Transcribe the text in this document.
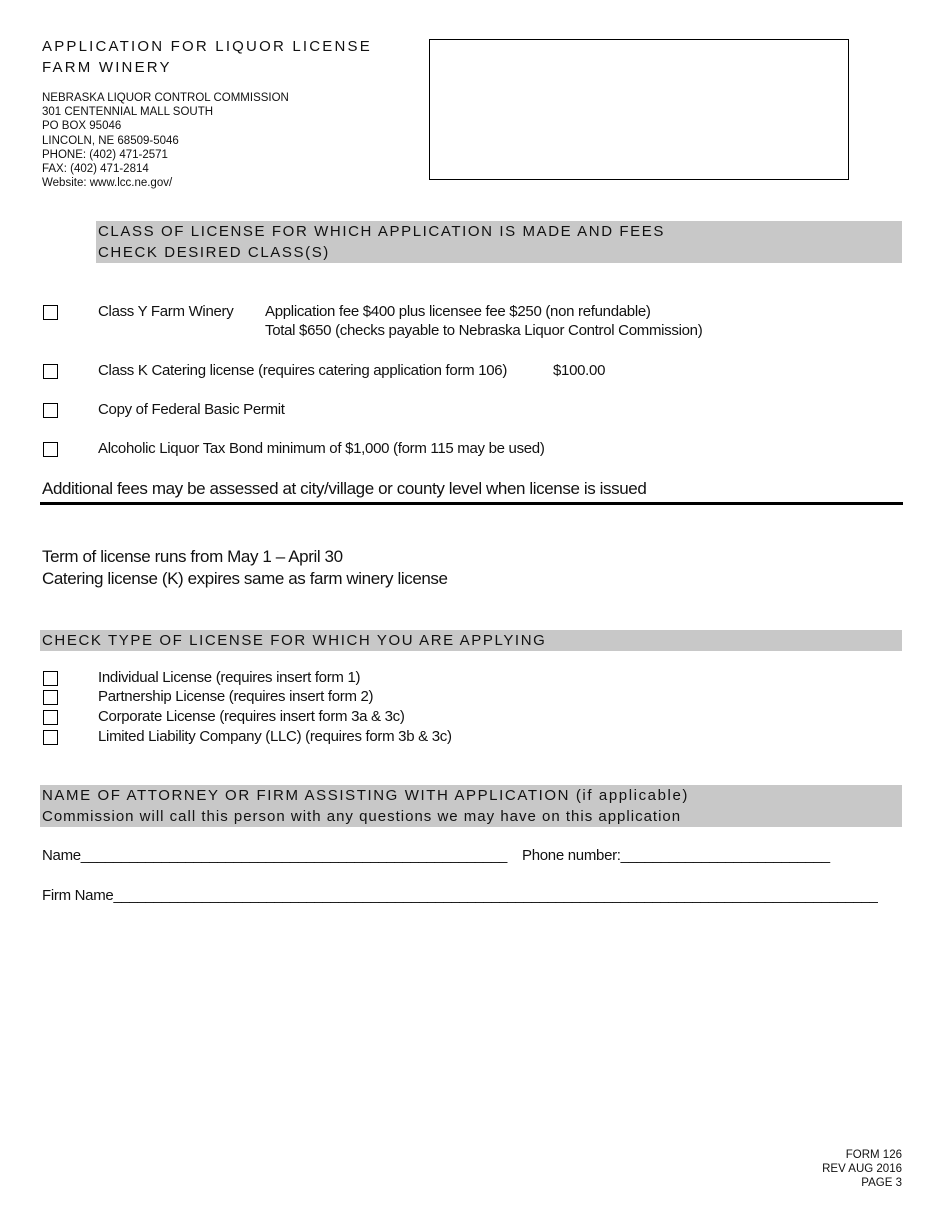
APPLICATION FOR LIQUOR LICENSE
FARM WINERY
NEBRASKA LIQUOR CONTROL COMMISSION
301 CENTENNIAL MALL SOUTH
PO BOX 95046
LINCOLN, NE 68509-5046
PHONE: (402) 471-2571
FAX: (402) 471-2814
Website: www.lcc.ne.gov/
CLASS OF LICENSE FOR WHICH APPLICATION IS MADE AND FEES
CHECK DESIRED CLASS(S)
Class Y Farm Winery Application fee $400 plus licensee fee $250 (non refundable)
Total $650 (checks payable to Nebraska Liquor Control Commission)
Class K Catering license (requires catering application form 106)	$100.00
Copy of Federal Basic Permit
Alcoholic Liquor Tax Bond minimum of $1,000 (form 115 may be used)
Additional fees may be assessed at city/village or county level when license is issued
Term of license runs from May 1 – April 30
Catering license (K) expires same as farm winery license
CHECK TYPE OF LICENSE FOR WHICH YOU ARE APPLYING
Individual License (requires insert form 1)
Partnership License (requires insert form 2)
Corporate License (requires insert form 3a & 3c)
Limited Liability Company (LLC) (requires form 3b & 3c)
NAME OF ATTORNEY OR FIRM ASSISTING WITH APPLICATION (if applicable)
Commission will call this person with any questions we may have on this application
Name_____________________________________________________ Phone number:__________________________
Firm Name_______________________________________________________________________________________________
FORM 126
REV AUG 2016
PAGE 3
